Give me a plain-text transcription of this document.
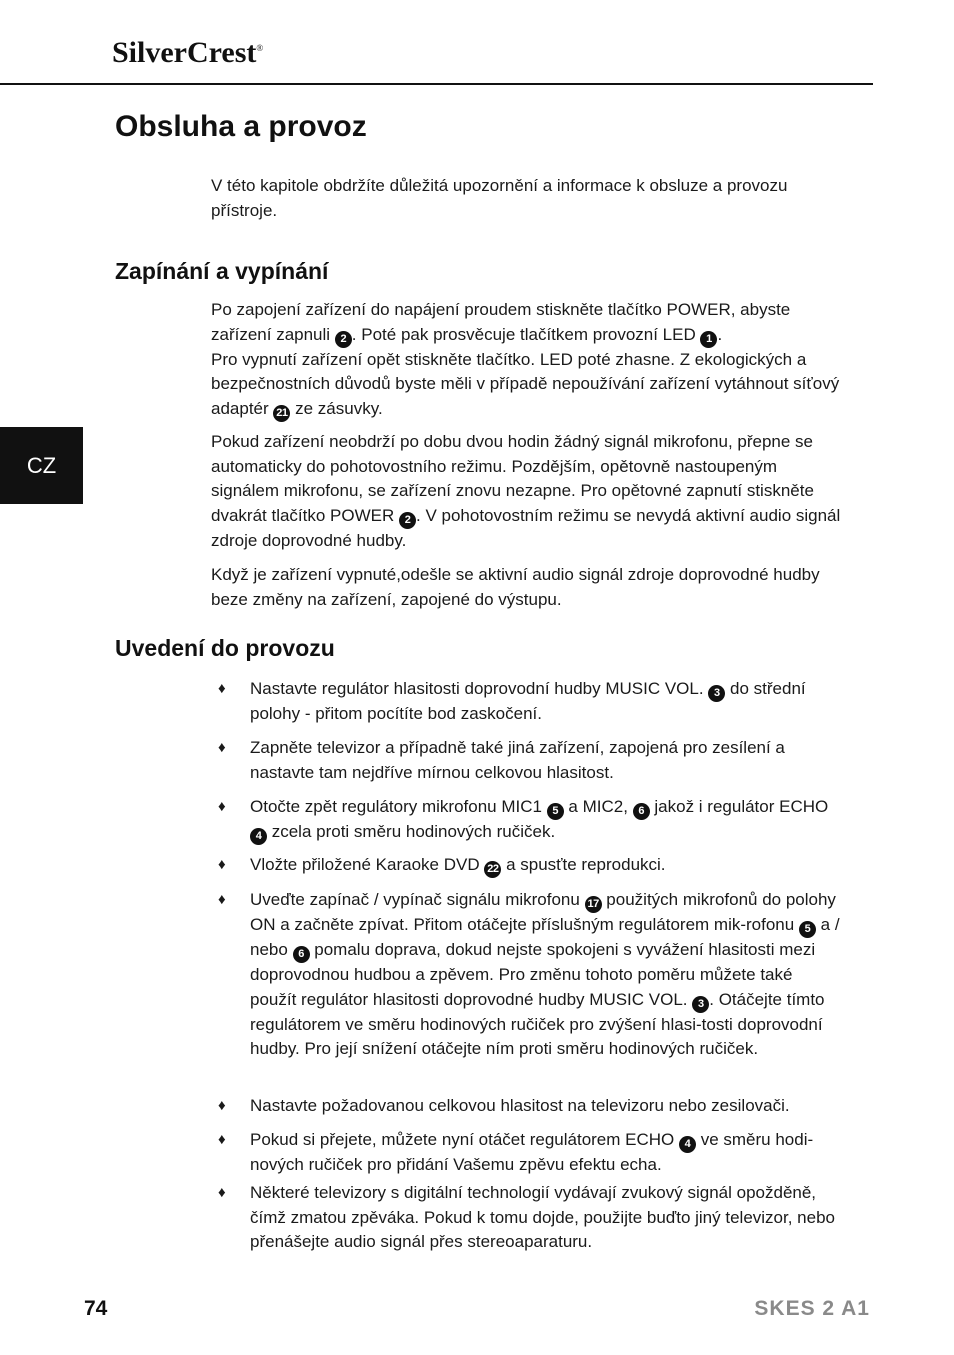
SilverCrest®
Obsluha a provoz

V této kapitole obdržíte důležitá upozornění a informace k obsluze a provozu přístroje.

Zapínání a vypínání

Po zapojení zařízení do napájení proudem stiskněte tlačítko POWER, abyste zařízení zapnuli 2 . Poté pak prosvěcuje tlačítkem provozní LED 1 .
Pro vypnutí zařízení opět stiskněte tlačítko. LED poté zhasne. Z ekologických a bezpečnostních důvodů byste měli v případě nepoužívání zařízení vytáhnout síťový adaptér 21 ze zásuvky.

Pokud zařízení neobdrží po dobu dvou hodin žádný signál mikrofonu, přepne se automaticky do pohotovostního režimu. Pozdějším, opětovně nastoupeným signálem mikrofonu, se zařízení znovu nezapne. Pro opětovné zapnutí stiskněte dvakrát tlačítko POWER 2 . V pohotovostním režimu se nevydá aktivní audio signál zdroje doprovodné hudby.

Když je zařízení vypnuté,odešle se aktivní audio signál zdroje doprovodné hudby beze změny na zařízení, zapojené do výstupu.

Uvedení do provozu
♦ Nastavte regulátor hlasitosti doprovodní hudby MUSIC VOL. 3 do střední polohy - přitom pocítíte bod zaskočení.
♦ Zapněte televizor a případně také jiná zařízení, zapojená pro zesílení a nastavte tam nejdříve mírnou celkovou hlasitost.
♦ Otočte zpět regulátory mikrofonu MIC1 5 a MIC2, 6 jakož i regulátor ECHO 4 zcela proti směru hodinových ručiček.
♦ Vložte přiložené Karaoke DVD 22 a spusťte reprodukci.
♦ Uveďte zapínač / vypínač signálu mikrofonu 17 použitých mikrofonů do polohy ON a začněte zpívat. Přitom otáčejte příslušným regulátorem mik-rofonu 5 a / nebo 6 pomalu doprava, dokud nejste spokojeni s vyvážení hlasitosti mezi doprovodnou hudbou a zpěvem. Pro změnu tohoto poměru můžete také použít regulátor hlasitosti doprovodné hudby MUSIC VOL. 3 . Otáčejte tímto regulátorem ve směru hodinových ručiček pro zvýšení hlasi-tosti doprovodní hudby. Pro její snížení otáčejte ním proti směru hodinových ručiček.
♦ Nastavte požadovanou celkovou hlasitost na televizoru nebo zesilovači.
♦ Pokud si přejete, můžete nyní otáčet regulátorem ECHO 4 ve směru hodi-nových ručiček pro přidání Vašemu zpěvu efektu echa.
♦ Některé televizory s digitální technologií vydávají zvukový signál opožděně, čímž zmatou zpěváka. Pokud k tomu dojde, použijte buďto jiný televizor, nebo přenášejte audio signál přes stereoaparaturu.
CZ
74	SKES 2 A1
